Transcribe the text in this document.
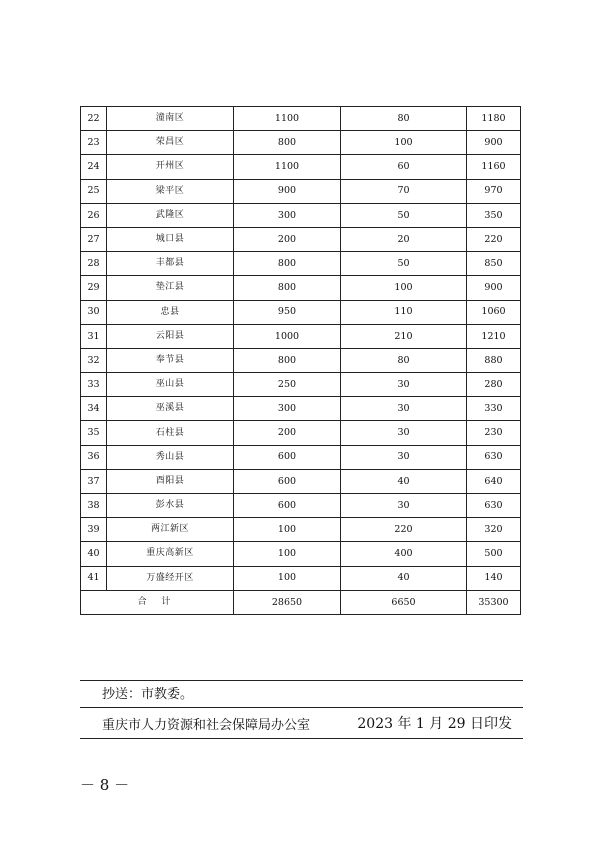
22	潼南区	1100	80	1180
23	荣昌区	800	100	900
24	开州区	1100	60	1160
25	梁平区	900	70	970
26	武隆区	300	50	350
27	城口县	200	20	220
28	丰都县	800	50	850
29	垫江县	800	100	900
30	忠县	950	110	1060
31	云阳县	1000	210	1210
32	奉节县	800	80	880
33	巫山县	250	30	280
34	巫溪县	300	30	330
35	石柱县	200	30	230
36	秀山县	600	30	630
37	酉阳县	600	40	640
38	彭水县	600	30	630
39	两江新区	100	220	320
40	重庆高新区	100	400	500
41	万盛经开区	100	40	140
合 计		28650	6650	35300
抄送：市教委。
重庆市人力资源和社会保障局办公室	2023 年 1 月 29 日印发
－ 8 －
